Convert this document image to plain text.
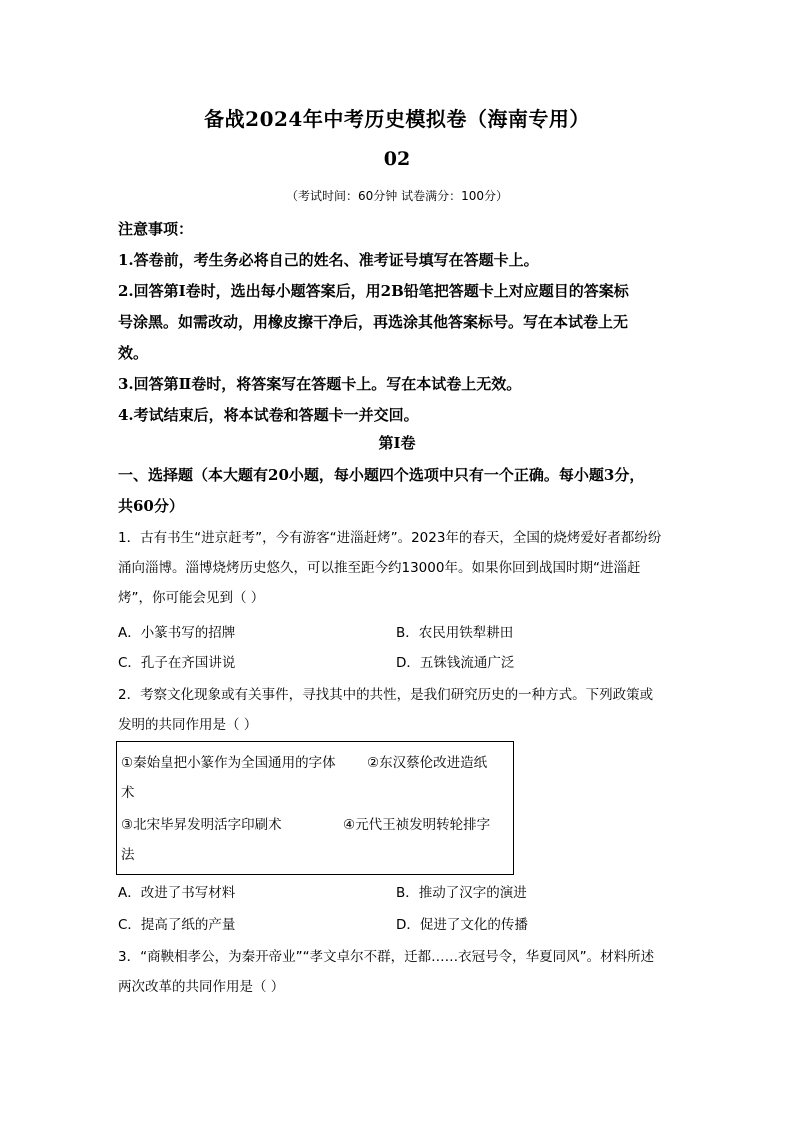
备战2024年中考历史模拟卷（海南专用）
02
（考试时间：60分钟 试卷满分：100分）
注意事项：
1.答卷前，考生务必将自己的姓名、准考证号填写在答题卡上。
2.回答第Ⅰ卷时，选出每小题答案后，用2B铅笔把答题卡上对应题目的答案标
号涂黑。如需改动，用橡皮擦干净后，再选涂其他答案标号。写在本试卷上无
效。
3.回答第Ⅱ卷时，将答案写在答题卡上。写在本试卷上无效。
4.考试结束后，将本试卷和答题卡一并交回。
第Ⅰ卷
一、选择题（本大题有20小题，每小题四个选项中只有一个正确。每小题3分，
共60分）
1．古有书生“进京赶考”，今有游客“进淄赶烤”。2023年的春天，全国的烧烤爱好者都纷纷
涌向淄博。淄博烧烤历史悠久，可以推至距今约13000年。如果你回到战国时期“进淄赶
烤”，你可能会见到（ ）
A．小篆书写的招牌	B．农民用铁犁耕田
C．孔子在齐国讲说	D．五铢钱流通广泛
2．考察文化现象或有关事件，寻找其中的共性，是我们研究历史的一种方式。下列政策或
发明的共同作用是（ ）
①秦始皇把小篆作为全国通用的字体 ②东汉蔡伦改进造纸
术
③北宋毕昇发明活字印刷术	④元代王祯发明转轮排字
法
A．改进了书写材料	B．推动了汉字的演进
C．提高了纸的产量	D．促进了文化的传播
3．“商鞅相孝公，为秦开帝业”“孝文卓尔不群，迁都……衣冠号令，华夏同风”。材料所述
两次改革的共同作用是（ ）
